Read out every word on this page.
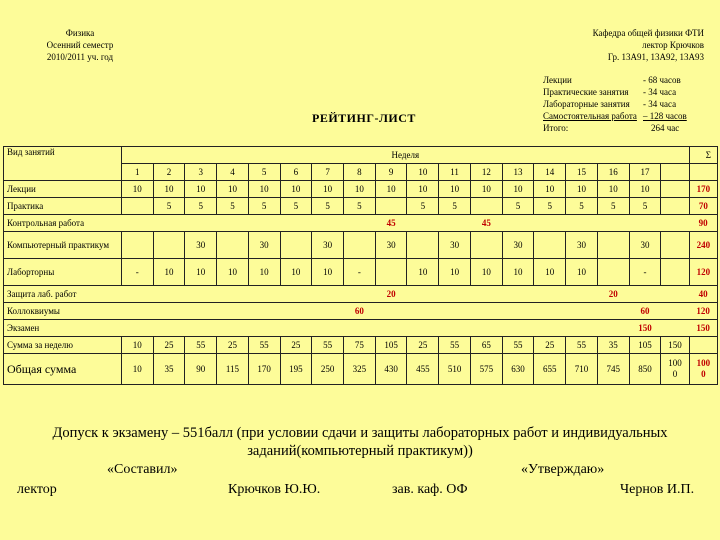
Физика
Осенний семестр
2010/2011 уч. год
Кафедра общей физики ФТИ
лектор Крючков
Гр. 13А91, 13А92, 13А93
Лекции	- 68 часов
Практические занятия	- 34 часа
Лабораторные занятия	- 34 часа
Самостоятельная работа – 128 часов
Итого:	264 час
РЕЙТИНГ-ЛИСТ
Вид занятий	Неделя																		Σ
	1	2	3	4	5	6	7	8	9	10	11	12	13	14	15	16	17		
Лекции	10	10	10	10	10	10	10	10	10	10	10	10	10	10	10	10	10		170
Практика		5	5	5	5	5	5	5		5	5		5	5	5	5	5		70
Контрольная работа									45			45							90
Компьютерный практикум			30		30		30		30		30		30		30		30		240
Лаборторны	-	10	10	10	10	10	10	-		10	10	10	10	10	10		-		120
Защита лаб. работ									20							20			40
Коллоквиумы								60									60		120
Экзамен																	150		150
Сумма за неделю	10	25	55	25	55	25	55	75	105	25	55	65	55	25	55	35	105	150	
Общая сумма	10	35	90	115	170	195	250	325	430	455	510	575	630	655	710	745	850	1000	1000
Допуск к экзамену – 551балл (при условии сдачи и защиты лабораторных работ и индивидуальных заданий(компьютерный практикум))
«Составил»	«Утверждаю»
лектор	Крючков Ю.Ю.	зав. каф. ОФ	Чернов И.П.
